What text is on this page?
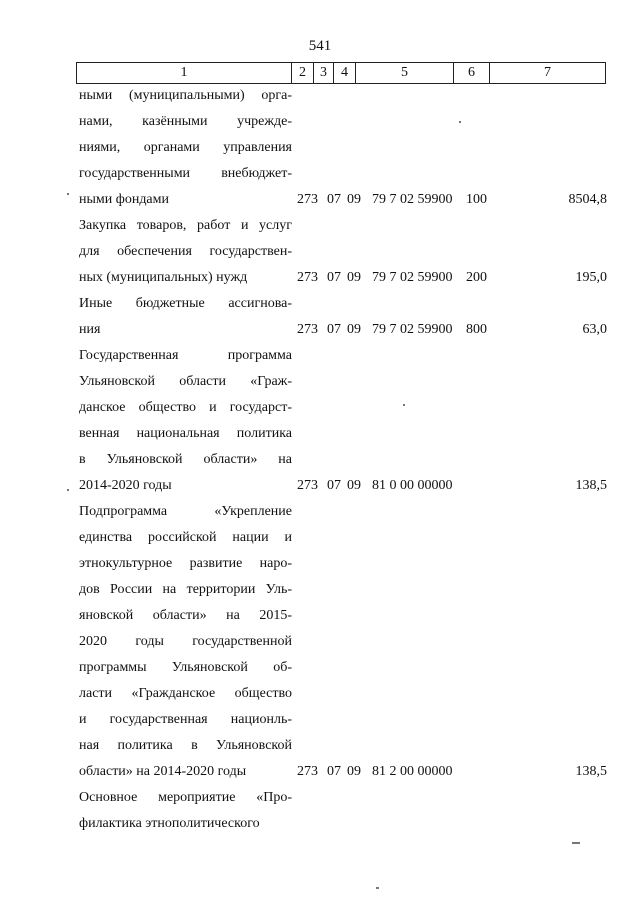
541
1	2	3	4	5	6	7
ными (муниципальными) орга-
нами, казёнными учрежде-
ниями, органами управления
государственными внебюджет-
ными фондами	273 07 09 79 7 02 59900 100	8504,8
Закупка товаров, работ и услуг
для обеспечения государствен-
ных (муниципальных) нужд	273 07 09 79 7 02 59900 200	195,0
Иные бюджетные ассигнова-
ния	273 07 09 79 7 02 59900 800	63,0
Государственная программа
Ульяновской области «Граж-
данское общество и государст-
венная национальная политика
в Ульяновской области» на
2014-2020 годы	273 07 09 81 0 00 00000	138,5
Подпрограмма «Укрепление
единства российской нации и
этнокультурное развитие наро-
дов России на территории Уль-
яновской области» на 2015-
2020 годы государственной
программы Ульяновской об-
ласти «Гражданское общество
и государственная национль-
ная политика в Ульяновской
области» на 2014-2020 годы	273 07 09 81 2 00 00000	138,5
Основное мероприятие «Про-
филактика этнополитического
